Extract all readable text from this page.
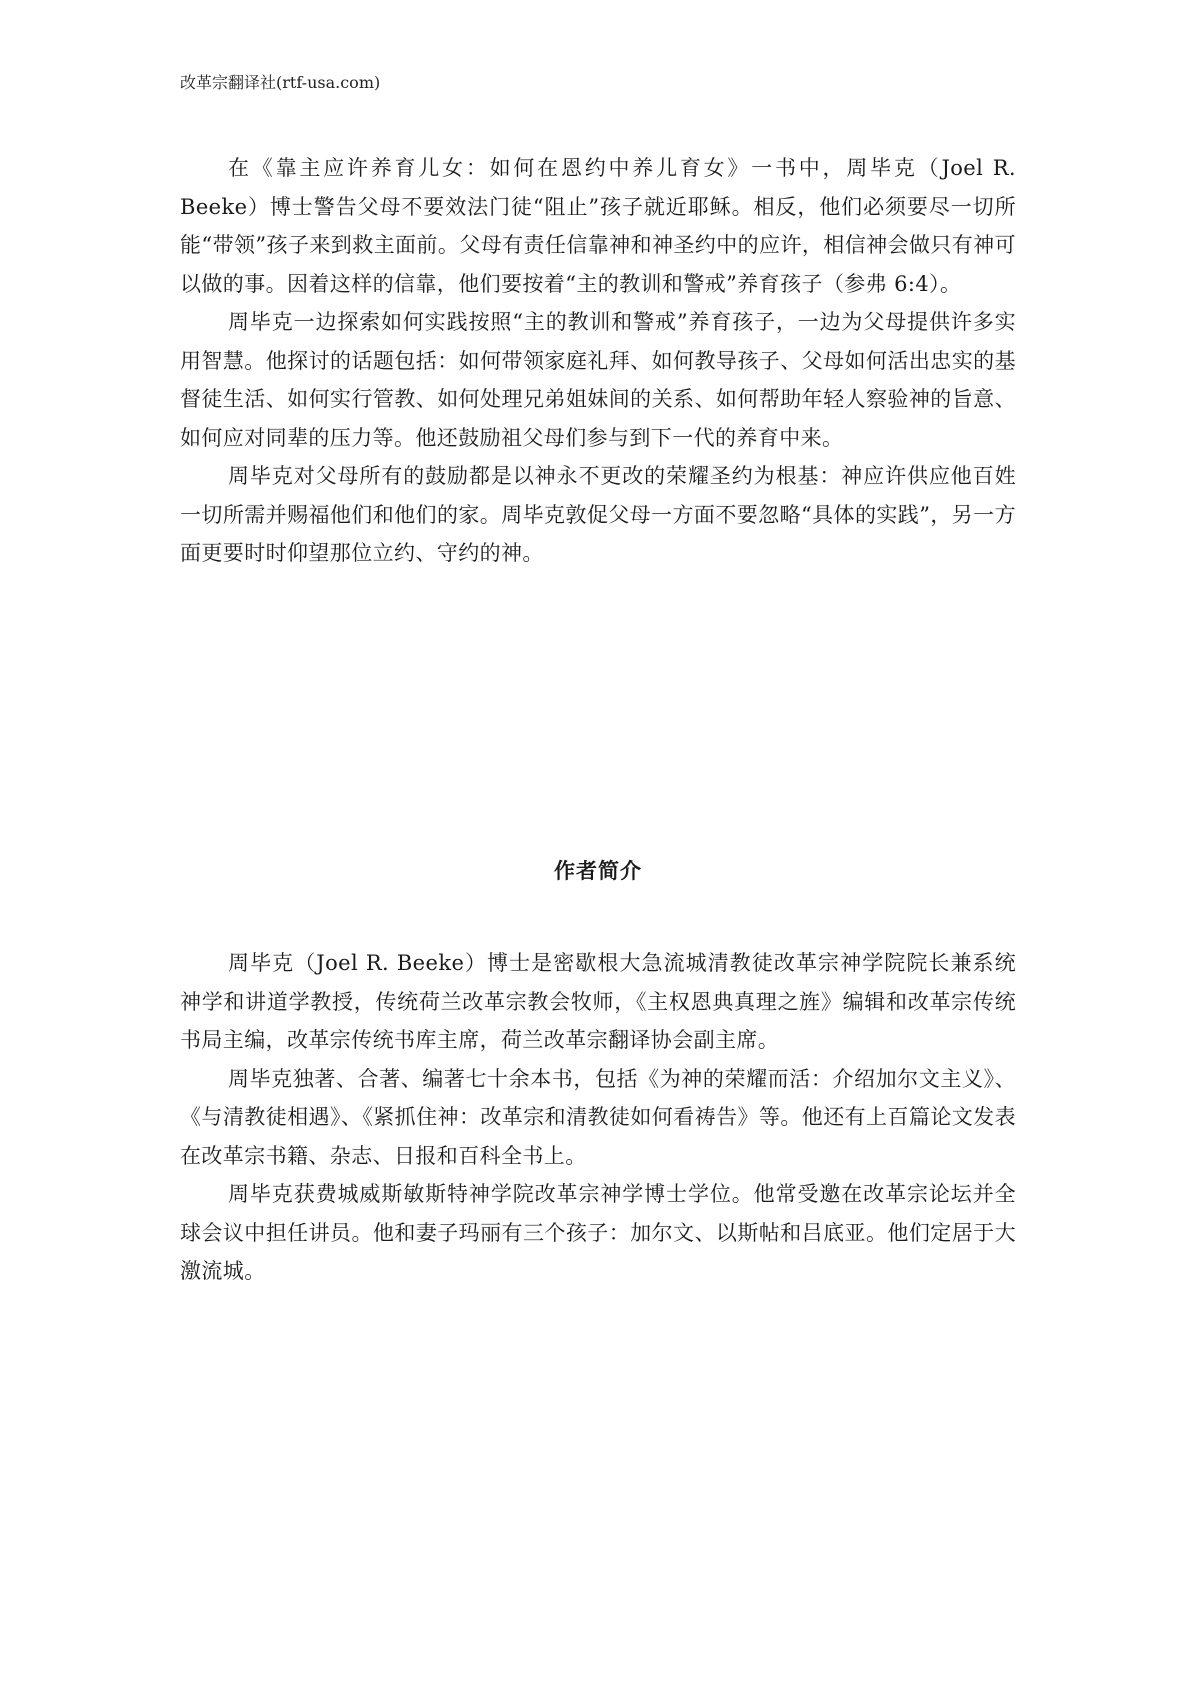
改革宗翻译社(rtf-usa.com)

在《靠主应许养育儿女：如何在恩约中养儿育女》一书中，周毕克（Joel R. Beeke）博士警告父母不要效法门徒“阻止”孩子就近耶稣。相反，他们必须要尽一切所能“带领”孩子来到救主面前。父母有责任信靠神和神圣约中的应许，相信神会做只有神可以做的事。因着这样的信靠，他们要按着“主的教训和警戒”养育孩子（参弗 6:4）。

周毕克一边探索如何实践按照“主的教训和警戒”养育孩子，一边为父母提供许多实用智慧。他探讨的话题包括：如何带领家庭礼拜、如何教导孩子、父母如何活出忠实的基督徒生活、如何实行管教、如何处理兄弟姐妹间的关系、如何帮助年轻人察验神的旨意、如何应对同辈的压力等。他还鼓励祖父母们参与到下一代的养育中来。

周毕克对父母所有的鼓励都是以神永不更改的荣耀圣约为根基：神应许供应他百姓一切所需并赐福他们和他们的家。周毕克敦促父母一方面不要忽略“具体的实践”，另一方面更要时时仰望那位立约、守约的神。

作者简介

周毕克（Joel R. Beeke）博士是密歇根大急流城清教徒改革宗神学院院长兼系统神学和讲道学教授，传统荷兰改革宗教会牧师，《主权恩典真理之旌》编辑和改革宗传统书局主编，改革宗传统书库主席，荷兰改革宗翻译协会副主席。

周毕克独著、合著、编著七十余本书，包括《为神的荣耀而活：介绍加尔文主义》、《与清教徒相遇》、《紧抓住神：改革宗和清教徒如何看祷告》等。他还有上百篇论文发表在改革宗书籍、杂志、日报和百科全书上。

周毕克获费城威斯敏斯特神学院改革宗神学博士学位。他常受邀在改革宗论坛并全球会议中担任讲员。他和妻子玛丽有三个孩子：加尔文、以斯帖和吕底亚。他们定居于大激流城。
